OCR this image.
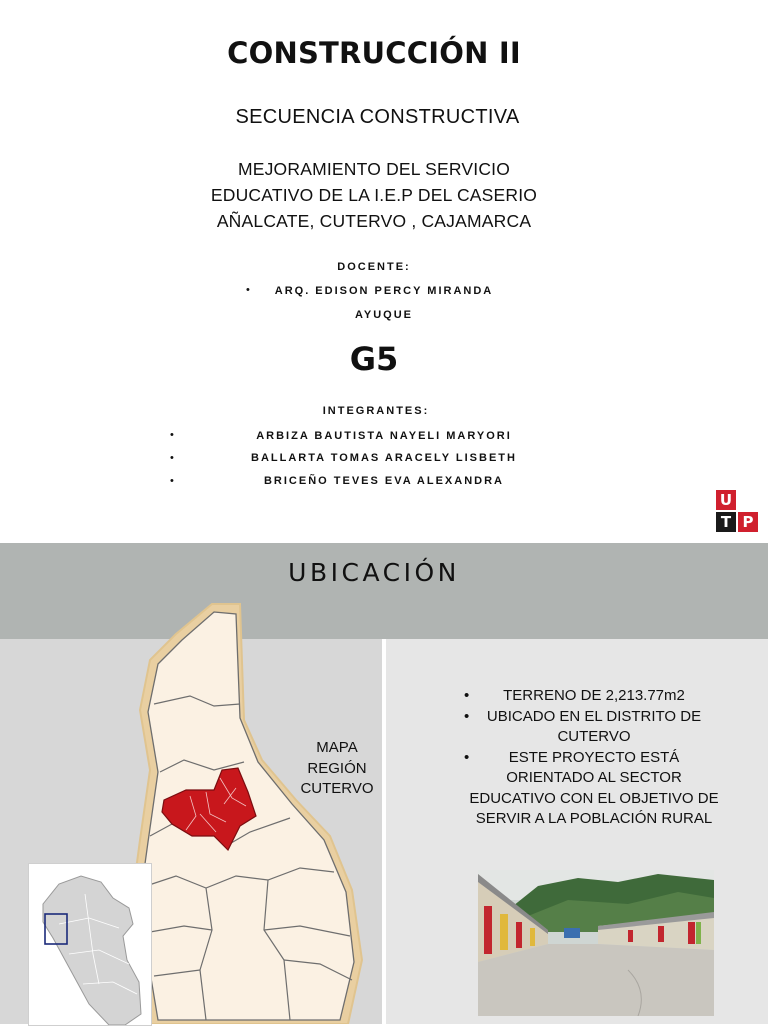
CONSTRUCCIÓN II
SECUENCIA CONSTRUCTIVA
MEJORAMIENTO DEL SERVICIO
EDUCATIVO DE LA I.E.P DEL CASERIO
AÑALCATE, CUTERVO , CAJAMARCA
DOCENTE:
•	ARQ. EDISON PERCY MIRANDA
AYUQUE
G5
INTEGRANTES:
•	ARBIZA BAUTISTA NAYELI MARYORI
•	BALLARTA TOMAS ARACELY LISBETH
•	BRICEÑO TEVES EVA ALEXANDRA
U
T P
UBICACIÓN
MAPA
REGIÓN
CUTERVO
•	TERRENO DE 2,213.77m2
•	UBICADO EN EL DISTRITO DE CUTERVO
•	ESTE PROYECTO ESTÁ ORIENTADO AL SECTOR EDUCATIVO CON EL OBJETIVO DE SERVIR A LA POBLACIÓN RURAL
